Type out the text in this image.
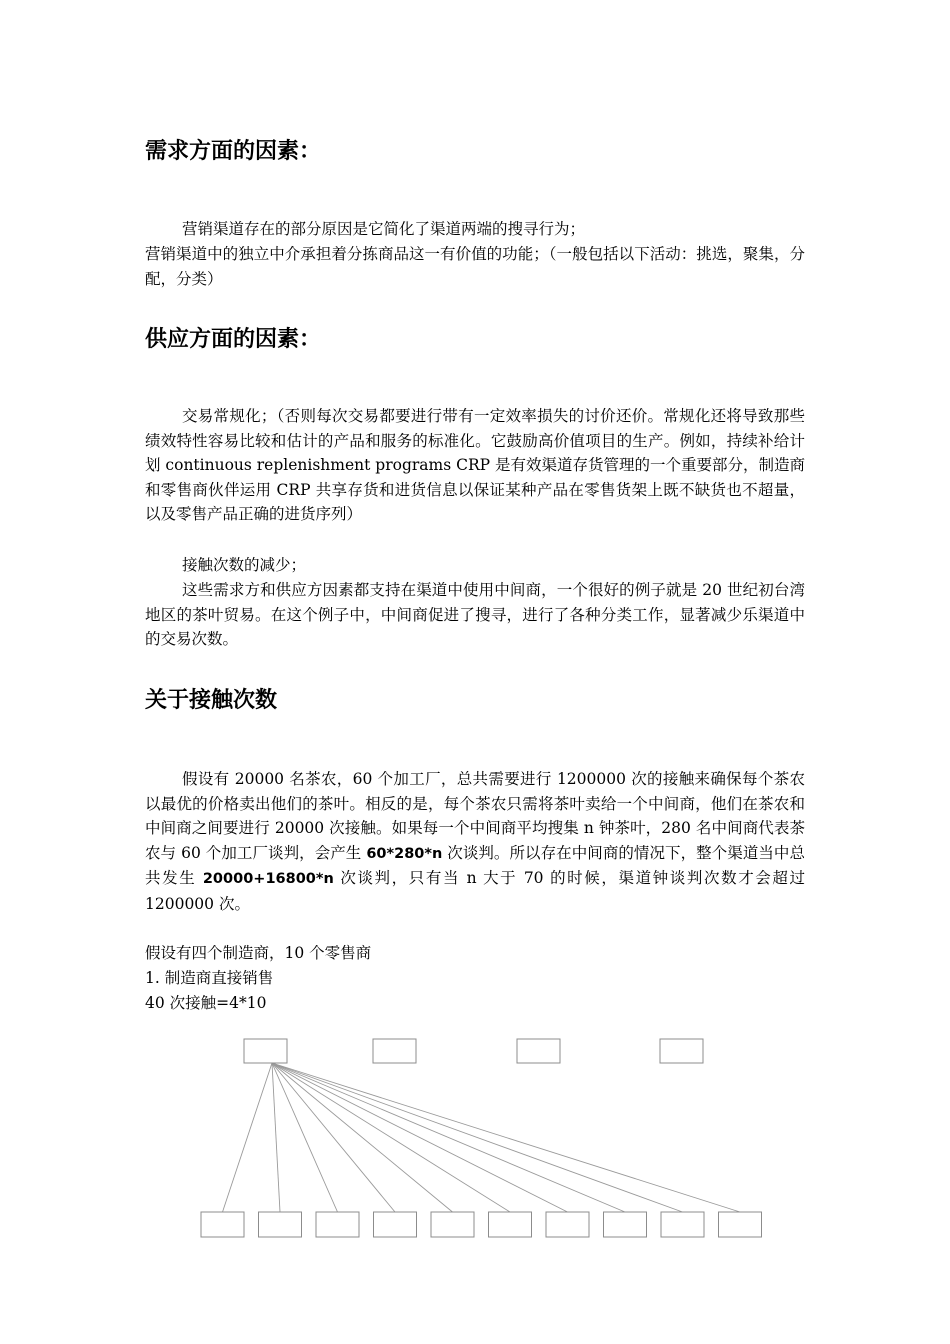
需求方面的因素：

营销渠道存在的部分原因是它简化了渠道两端的搜寻行为；

营销渠道中的独立中介承担着分拣商品这一有价值的功能；（一般包括以下活动：挑选，聚集，分配，分类）

供应方面的因素：

交易常规化；（否则每次交易都要进行带有一定效率损失的讨价还价。常规化还将导致那些绩效特性容易比较和估计的产品和服务的标准化。它鼓励高价值项目的生产。例如，持续补给计划 continuous replenishment programs CRP 是有效渠道存货管理的一个重要部分，制造商和零售商伙伴运用 CRP 共享存货和进货信息以保证某种产品在零售货架上既不缺货也不超量，以及零售产品正确的进货序列）

接触次数的减少；

这些需求方和供应方因素都支持在渠道中使用中间商，一个很好的例子就是 20 世纪初台湾地区的茶叶贸易。在这个例子中，中间商促进了搜寻，进行了各种分类工作，显著减少乐渠道中的交易次数。

关于接触次数

假设有 20000 名茶农，60 个加工厂，总共需要进行 1200000 次的接触来确保每个茶农以最优的价格卖出他们的茶叶。相反的是，每个茶农只需将茶叶卖给一个中间商，他们在茶农和中间商之间要进行 20000 次接触。如果每一个中间商平均搜集 n 钟茶叶，280 名中间商代表茶农与 60 个加工厂谈判，会产生 60*280*n 次谈判。所以存在中间商的情况下，整个渠道当中总共发生 20000+16800*n 次谈判，只有当 n 大于 70 的时候，渠道钟谈判次数才会超过 1200000 次。

假设有四个制造商，10 个零售商

1. 制造商直接销售

40 次接触=4*10
